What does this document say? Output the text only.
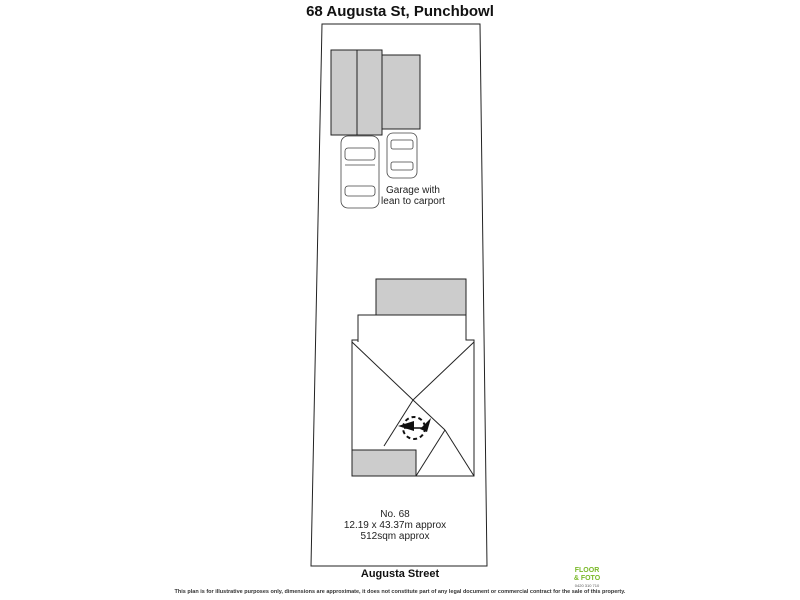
68 Augusta St, Punchbowl
Garage with
lean to carport
No. 68
12.19 x 43.37m approx
512sqm approx
Augusta Street	FLOOR
& FOTO
0420 310 710
This plan is for illustrative purposes only, dimensions are approximate, it does not constitute part of any legal document or commercial contract for the sale of this property.
